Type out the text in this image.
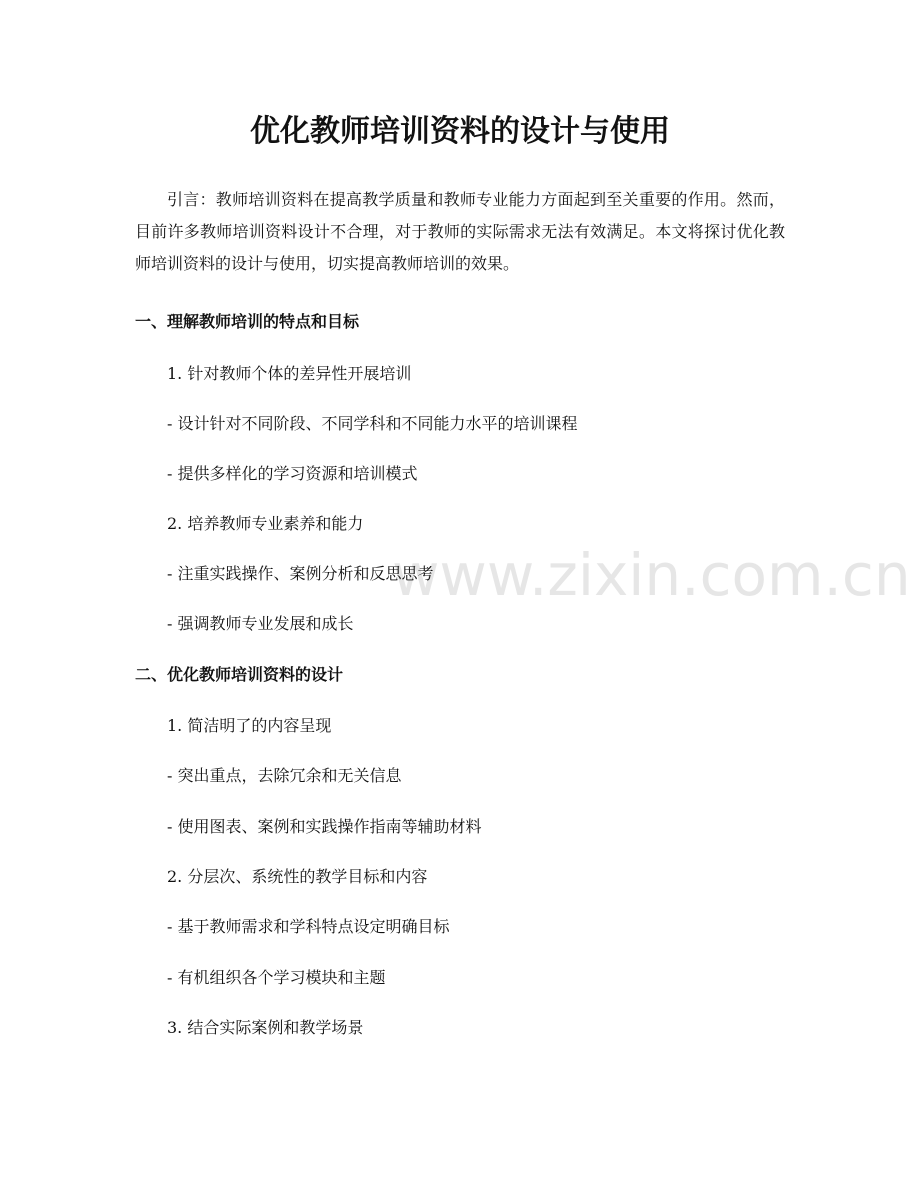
www.zixin.com.cn
优化教师培训资料的设计与使用

引言：教师培训资料在提高教学质量和教师专业能力方面起到至关重要的作用。然而，目前许多教师培训资料设计不合理，对于教师的实际需求无法有效满足。本文将探讨优化教师培训资料的设计与使用，切实提高教师培训的效果。

一、理解教师培训的特点和目标
1. 针对教师个体的差异性开展培训
- 设计针对不同阶段、不同学科和不同能力水平的培训课程
- 提供多样化的学习资源和培训模式
2. 培养教师专业素养和能力
- 注重实践操作、案例分析和反思思考
- 强调教师专业发展和成长
二、优化教师培训资料的设计
1. 简洁明了的内容呈现
- 突出重点，去除冗余和无关信息
- 使用图表、案例和实践操作指南等辅助材料
2. 分层次、系统性的教学目标和内容
- 基于教师需求和学科特点设定明确目标
- 有机组织各个学习模块和主题
3. 结合实际案例和教学场景
